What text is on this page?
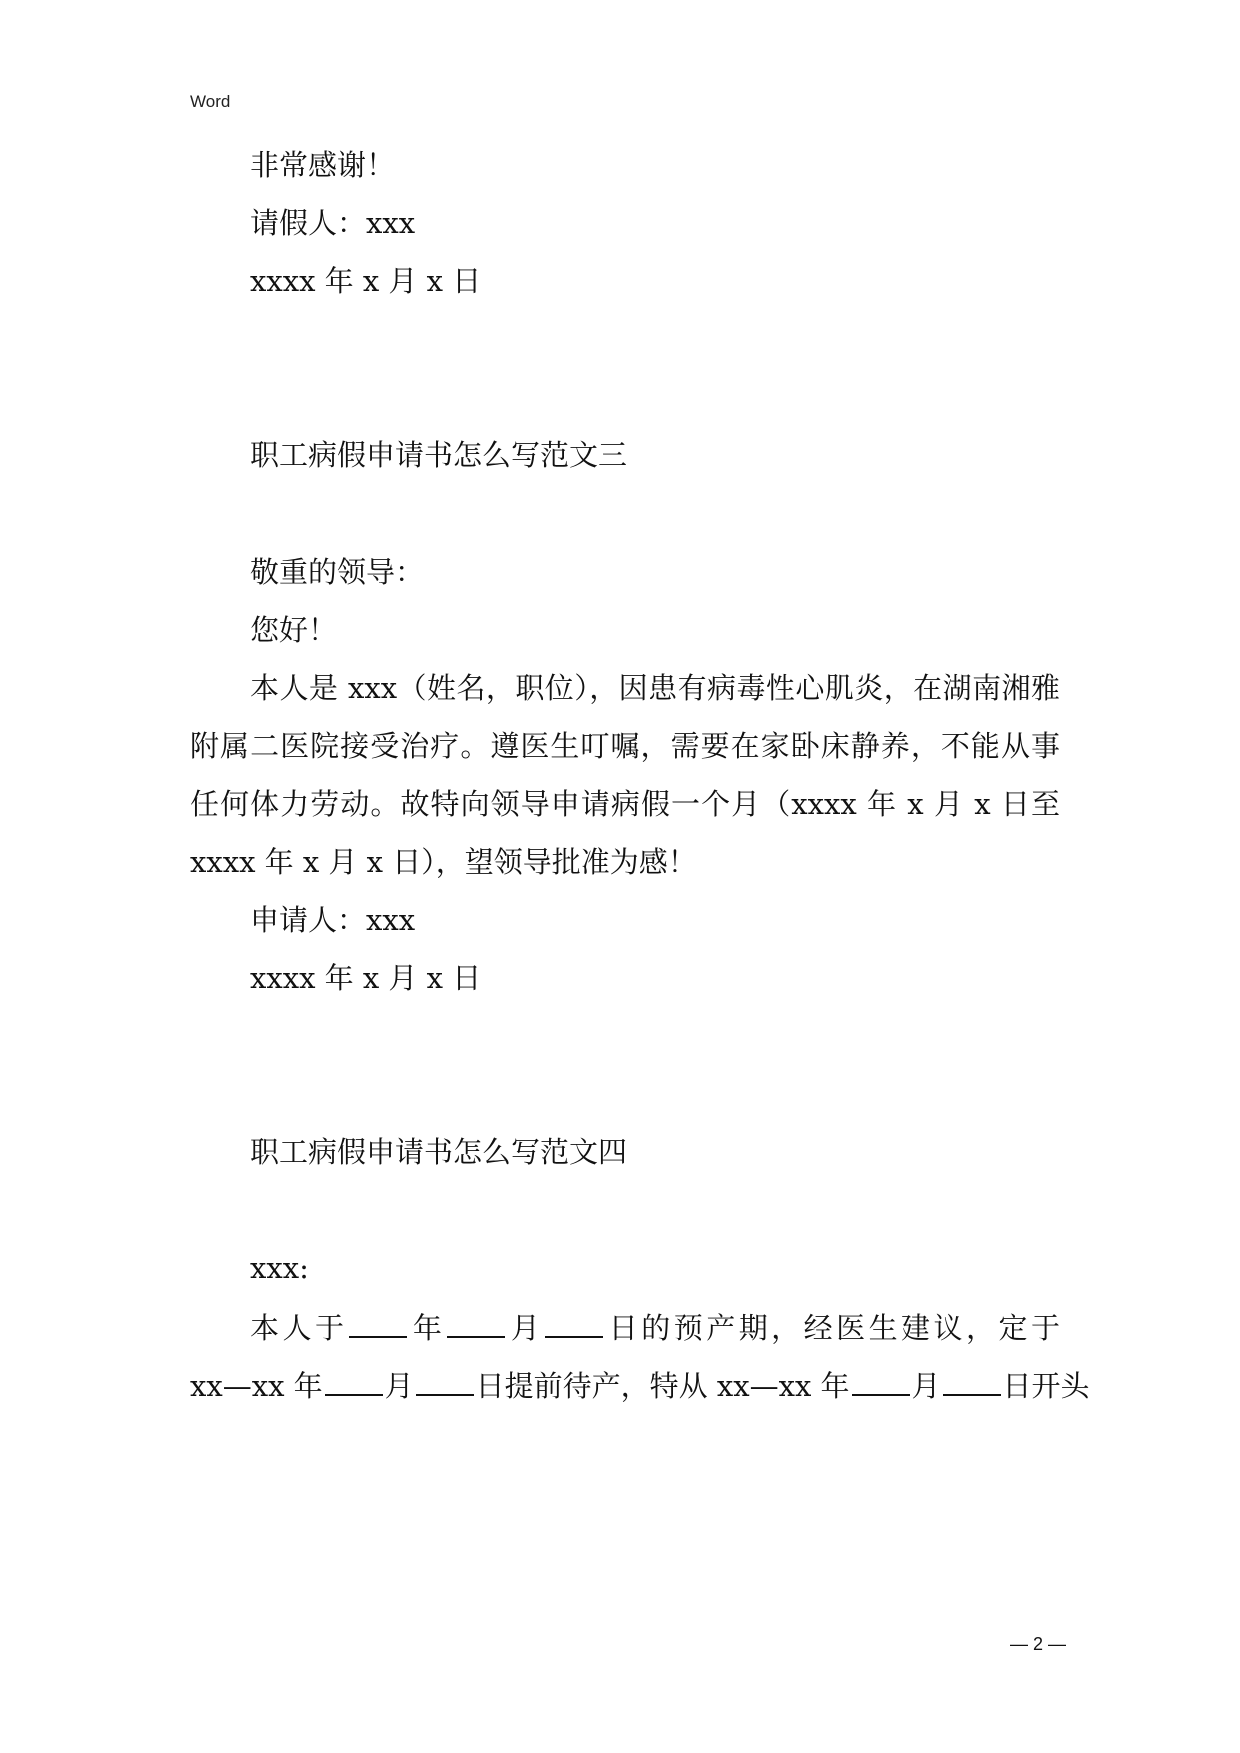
Word
非常感谢！
请假人：xxx
xxxx 年 x 月 x 日
职工病假申请书怎么写范文三
敬重的领导：
您好！
本人是 xxx（姓名，职位），因患有病毒性心肌炎，在湖南湘雅
附属二医院接受治疗。遵医生叮嘱，需要在家卧床静养，不能从事
任何体力劳动。故特向领导申请病假一个月（xxxx 年 x 月 x 日至
xxxx 年 x 月 x 日），望领导批准为感！
申请人：xxx
xxxx 年 x 月 x 日
职工病假申请书怎么写范文四
xxx:
本人于 年 月 日的预产期，经医生建议，定于
xx—xx 年 月 日提前待产，特从 xx—xx 年 月 日开头
— 2 —
